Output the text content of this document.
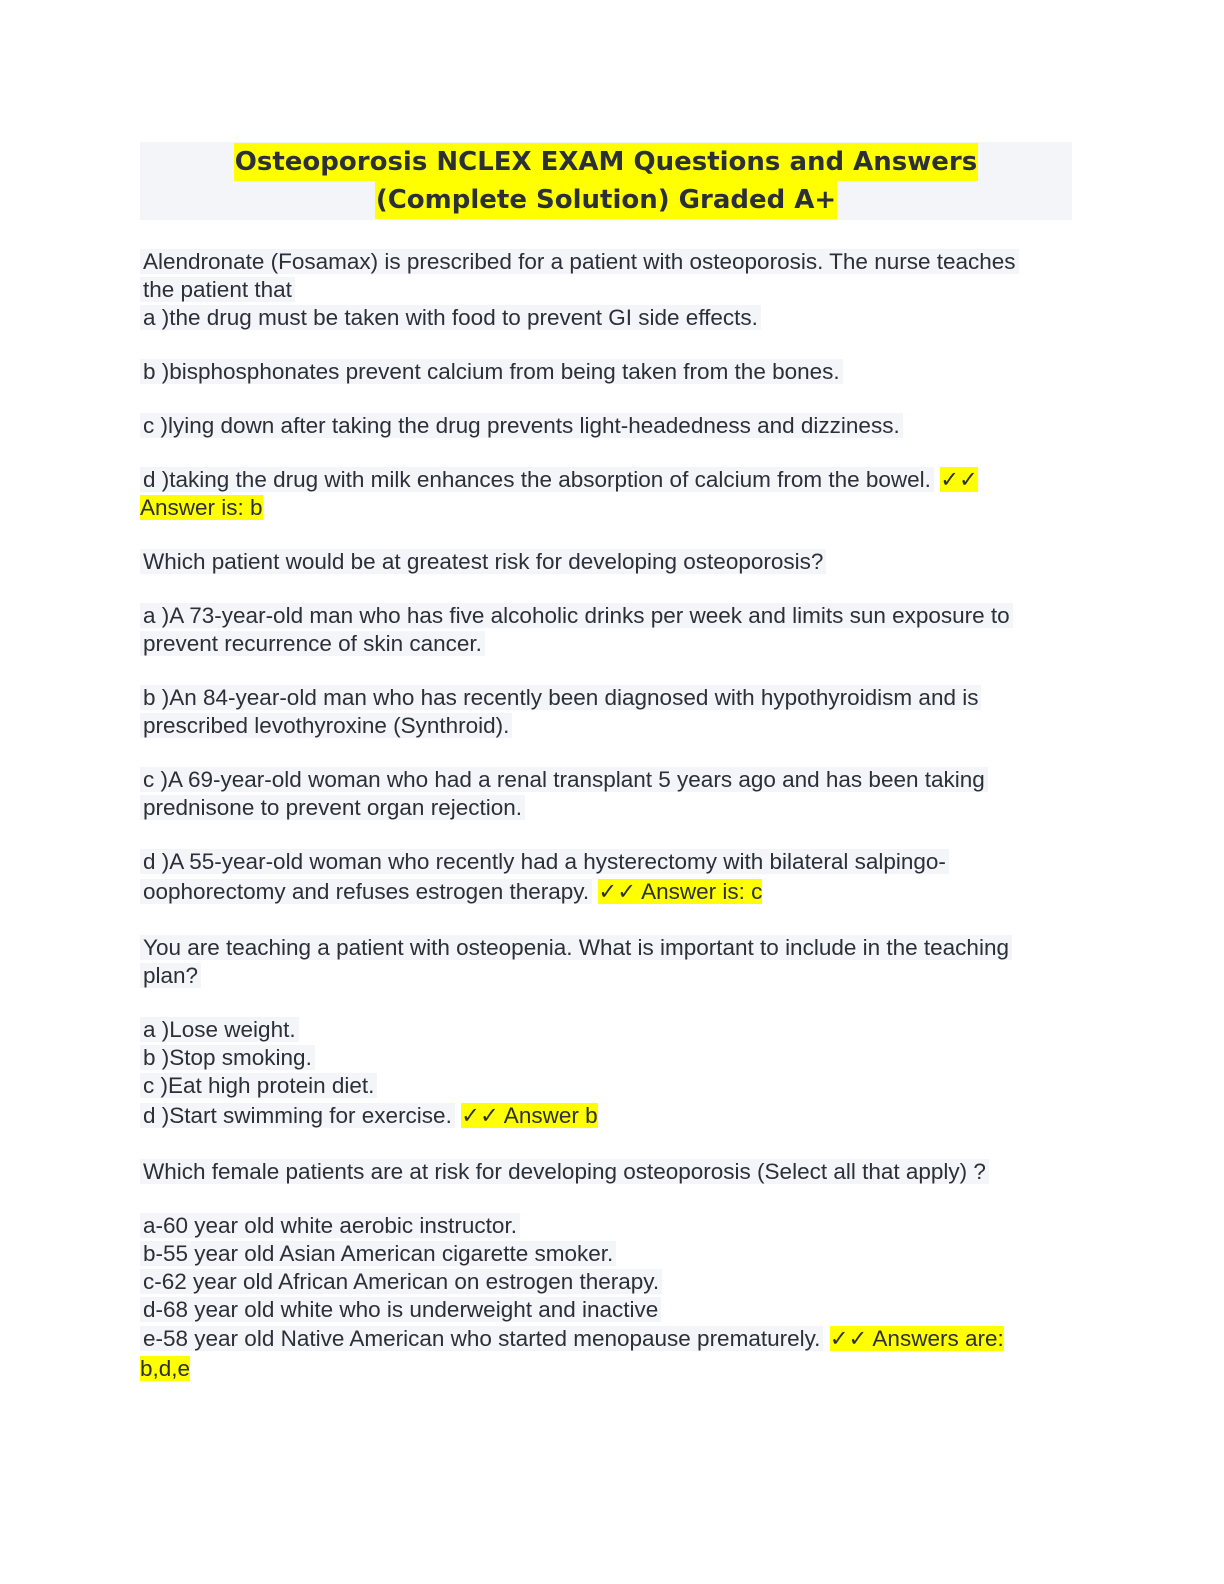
Osteoporosis NCLEX EXAM Questions and Answers
(Complete Solution) Graded A+

Alendronate (Fosamax) is prescribed for a patient with osteoporosis. The nurse teaches
the patient that

a )the drug must be taken with food to prevent GI side effects.

b )bisphosphonates prevent calcium from being taken from the bones.

c )lying down after taking the drug prevents light-headedness and dizziness.

d )taking the drug with milk enhances the absorption of calcium from the bowel. ✓✓
Answer is: b

Which patient would be at greatest risk for developing osteoporosis?

a )A 73-year-old man who has five alcoholic drinks per week and limits sun exposure to
prevent recurrence of skin cancer.

b )An 84-year-old man who has recently been diagnosed with hypothyroidism and is
prescribed levothyroxine (Synthroid).

c )A 69-year-old woman who had a renal transplant 5 years ago and has been taking
prednisone to prevent organ rejection.

d )A 55-year-old woman who recently had a hysterectomy with bilateral salpingo-
oophorectomy and refuses estrogen therapy. ✓✓ Answer is: c

You are teaching a patient with osteopenia. What is important to include in the teaching
plan?

a )Lose weight.

b )Stop smoking.

c )Eat high protein diet.

d )Start swimming for exercise. ✓✓ Answer b

Which female patients are at risk for developing osteoporosis (Select all that apply) ?

a-60 year old white aerobic instructor.

b-55 year old Asian American cigarette smoker.

c-62 year old African American on estrogen therapy.

d-68 year old white who is underweight and inactive

e-58 year old Native American who started menopause prematurely. ✓✓ Answers are:
b,d,e
